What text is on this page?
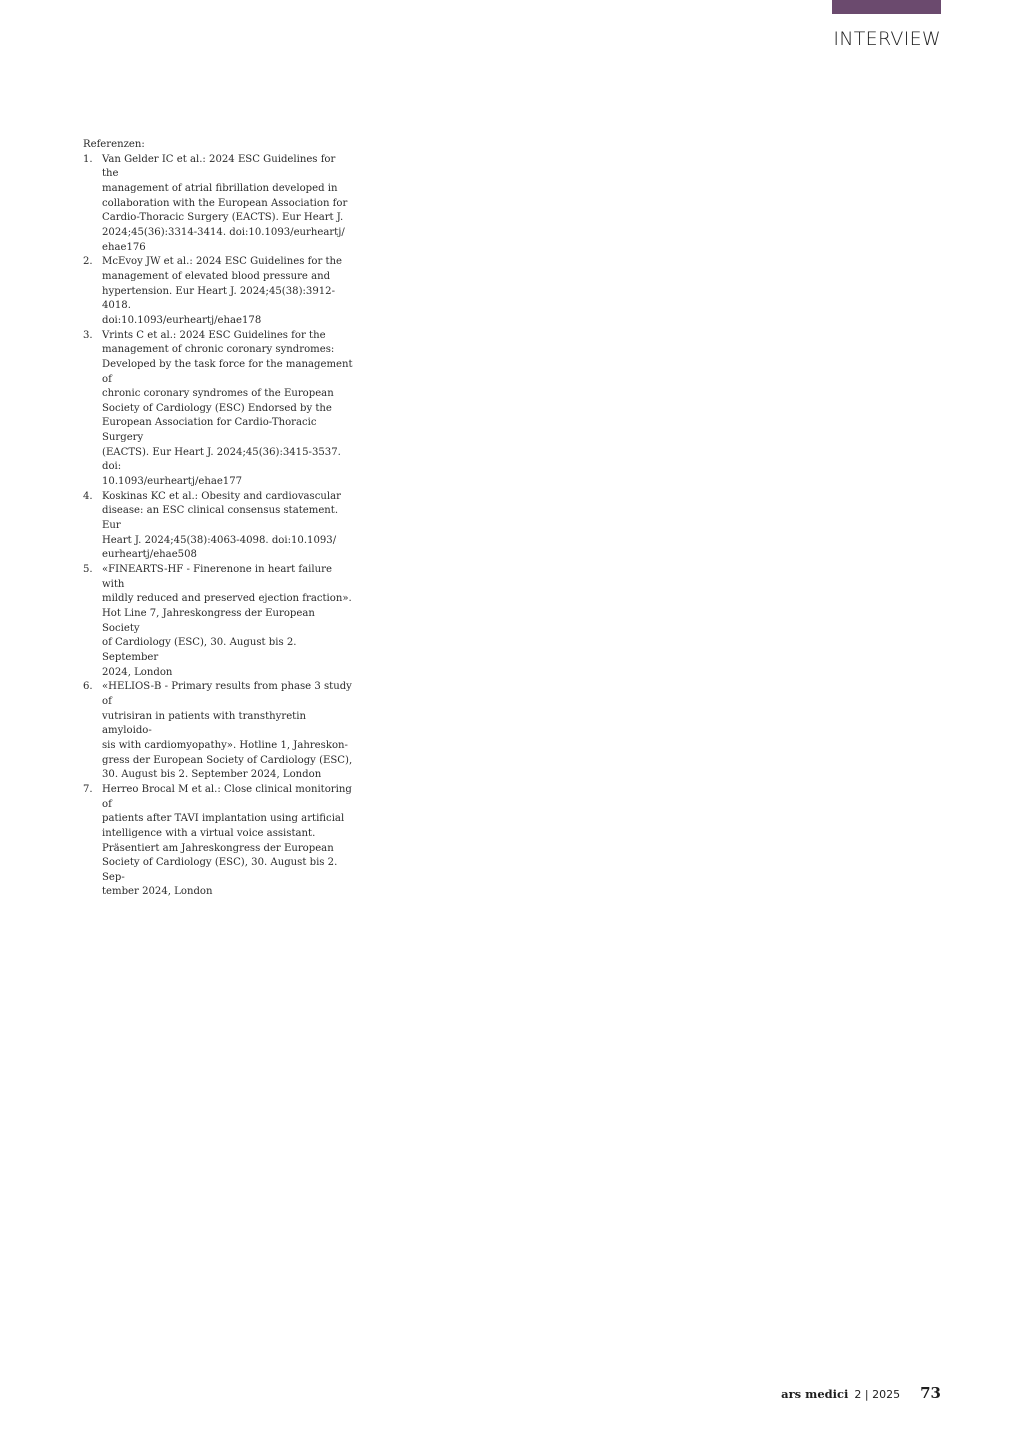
INTERVIEW

Referenzen:

1. Van Gelder IC et al.: 2024 ESC Guidelines for the
management of atrial fibrillation developed in
collaboration with the European Association for
Cardio-Thoracic Surgery (EACTS). Eur Heart J.
2024;45(36):3314-3414. doi:10.1093/eurheartj/
ehae176
2. McEvoy JW et al.: 2024 ESC Guidelines for the
management of elevated blood pressure and
hypertension. Eur Heart J. 2024;45(38):3912-4018.
doi:10.1093/eurheartj/ehae178
3. Vrints C et al.: 2024 ESC Guidelines for the
management of chronic coronary syndromes:
Developed by the task force for the management of
chronic coronary syndromes of the European
Society of Cardiology (ESC) Endorsed by the
European Association for Cardio-Thoracic Surgery
(EACTS). Eur Heart J. 2024;45(36):3415-3537. doi:
10.1093/eurheartj/ehae177
4. Koskinas KC et al.: Obesity and cardiovascular
disease: an ESC clinical consensus statement. Eur
Heart J. 2024;45(38):4063-4098. doi:10.1093/
eurheartj/ehae508
5. «FINEARTS-HF - Finerenone in heart failure with
mildly reduced and preserved ejection fraction».
Hot Line 7, Jahreskongress der European Society
of Cardiology (ESC), 30. August bis 2. September
2024, London
6. «HELIOS-B - Primary results from phase 3 study of
vutrisiran in patients with transthyretin amyloido-
sis with cardiomyopathy». Hotline 1, Jahreskon-
gress der European Society of Cardiology (ESC),
30. August bis 2. September 2024, London
7. Herreo Brocal M et al.: Close clinical monitoring of
patients after TAVI implantation using artificial
intelligence with a virtual voice assistant.
Präsentiert am Jahreskongress der European
Society of Cardiology (ESC), 30. August bis 2. Sep-
tember 2024, London
ars medici 2 | 2025 73
